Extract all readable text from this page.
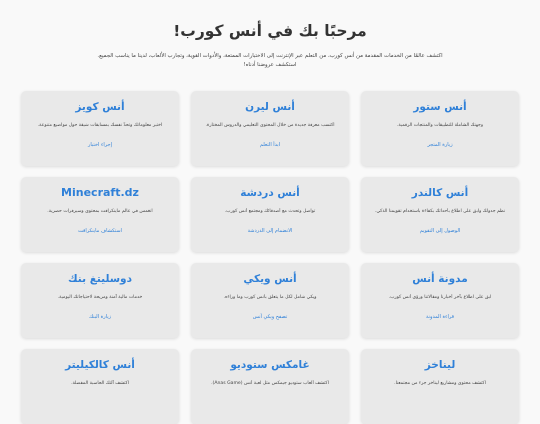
مرحبًا بك في أنس كورب!
اكتشف عالمًا من الخدمات المقدمة من أنس كورب، من التعلم عبر الإنترنت إلى الاختبارات الممتعة، والأدوات القوية، وتجارب الألعاب، لدينا ما يناسب الجميع.
استكشف عروضنا أدناه!
أنس ستور
وجهتك الشاملة للتطبيقات والمنتجات الرقمية.
زيارة المتجر
أنس ليرن
اكتسب معرفة جديدة من خلال المحتوى التعليمي والدروس المختارة.
ابدأ التعلم
أنس كويز
اختبر معلوماتك وتحدَّ نفسك بمسابقات شيقة حول مواضيع متنوعة.
إجراء اختبار
أنس كالندر
نظّم جدولك وابق على اطلاع بأحداثك بكفاءة باستخدام تقويمنا الذكي.
الوصول إلى التقويم
أنس دردشة
تواصل وتحدث مع أصدقائك ومجتمع أنس كورب.
الانضمام إلى الدردشة
Minecraft.dz
انغمس في عالم ماينكرافت بمحتوى وسيرفرات حصرية.
استكشاف ماينكرافت
مدونة أنس
ابق على اطلاع بآخر أخبارنا ومقالاتنا ورؤى أنس كورب.
قراءة المدونة
أنس ويكي
ويكي شامل لكل ما يتعلق بأنس كورب وما وراءه.
تصفح ويكي أنس
دوسليتغ بنك
خدمات مالية آمنة ومريحة لاحتياجاتك اليومية.
زيارة البنك
ليناخز
اكتشف محتوى ومشاريع ليناخز جزء من مجتمعنا.
غامكس ستوديو
اكتشف ألعاب ستوديو جيمكس مثل لعبة أنس (Anas Game).
أنس كالكيليتر
اكتشف آلتك الحاسبة المفضلة.
